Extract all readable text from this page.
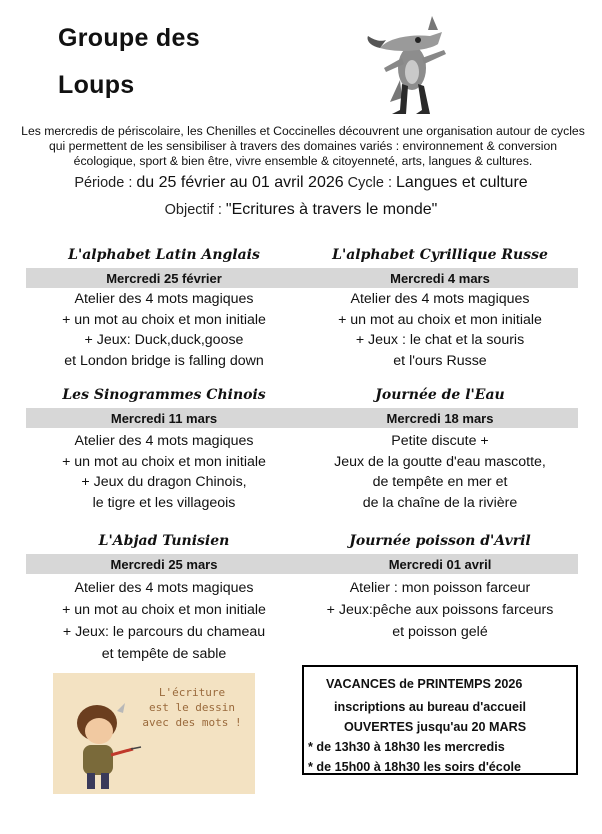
Groupe des
Loups
Les mercredis de périscolaire, les Chenilles et Coccinelles découvrent une organisation autour de cycles qui permettent de les sensibiliser à travers des domaines variés : environnement & conversion écologique, sport & bien être, vivre ensemble & citoyenneté, arts, langues & cultures.
Période : du 25 février au 01 avril 2026 Cycle : Langues et culture
Objectif : "Ecritures à travers le monde"
L'alphabet Latin Anglais
Mercredi 25 février
Atelier des 4 mots magiques
+ un mot au choix et mon initiale
+ Jeux: Duck,duck,goose
et London bridge is falling down
L'alphabet Cyrillique Russe
Mercredi 4 mars
Atelier des 4 mots magiques
+ un mot au choix et mon initiale
+ Jeux : le chat et la souris
et l'ours Russe
Les Sinogrammes Chinois
Mercredi 11 mars
Atelier des 4 mots magiques
+ un mot au choix et mon initiale
+ Jeux du dragon Chinois,
le tigre et les villageois
Journée de l'Eau
Mercredi 18 mars
Petite discute +
Jeux de la goutte d'eau mascotte,
de tempête en mer et
de la chaîne de la rivière
L'Abjad Tunisien
Mercredi 25 mars
Atelier des 4 mots magiques
+ un mot au choix et mon initiale
+ Jeux: le parcours du chameau
et tempête de sable
Journée poisson d'Avril
Mercredi 01 avril
Atelier : mon poisson farceur
+ Jeux:pêche aux poissons farceurs
et poisson gelé
L'écriture
est le dessin
avec des mots !
VACANCES de PRINTEMPS 2026
inscriptions au bureau d'accueil
OUVERTES jusqu'au 20 MARS
* de 13h30 à 18h30 les mercredis
* de 15h00 à 18h30 les soirs d'école
